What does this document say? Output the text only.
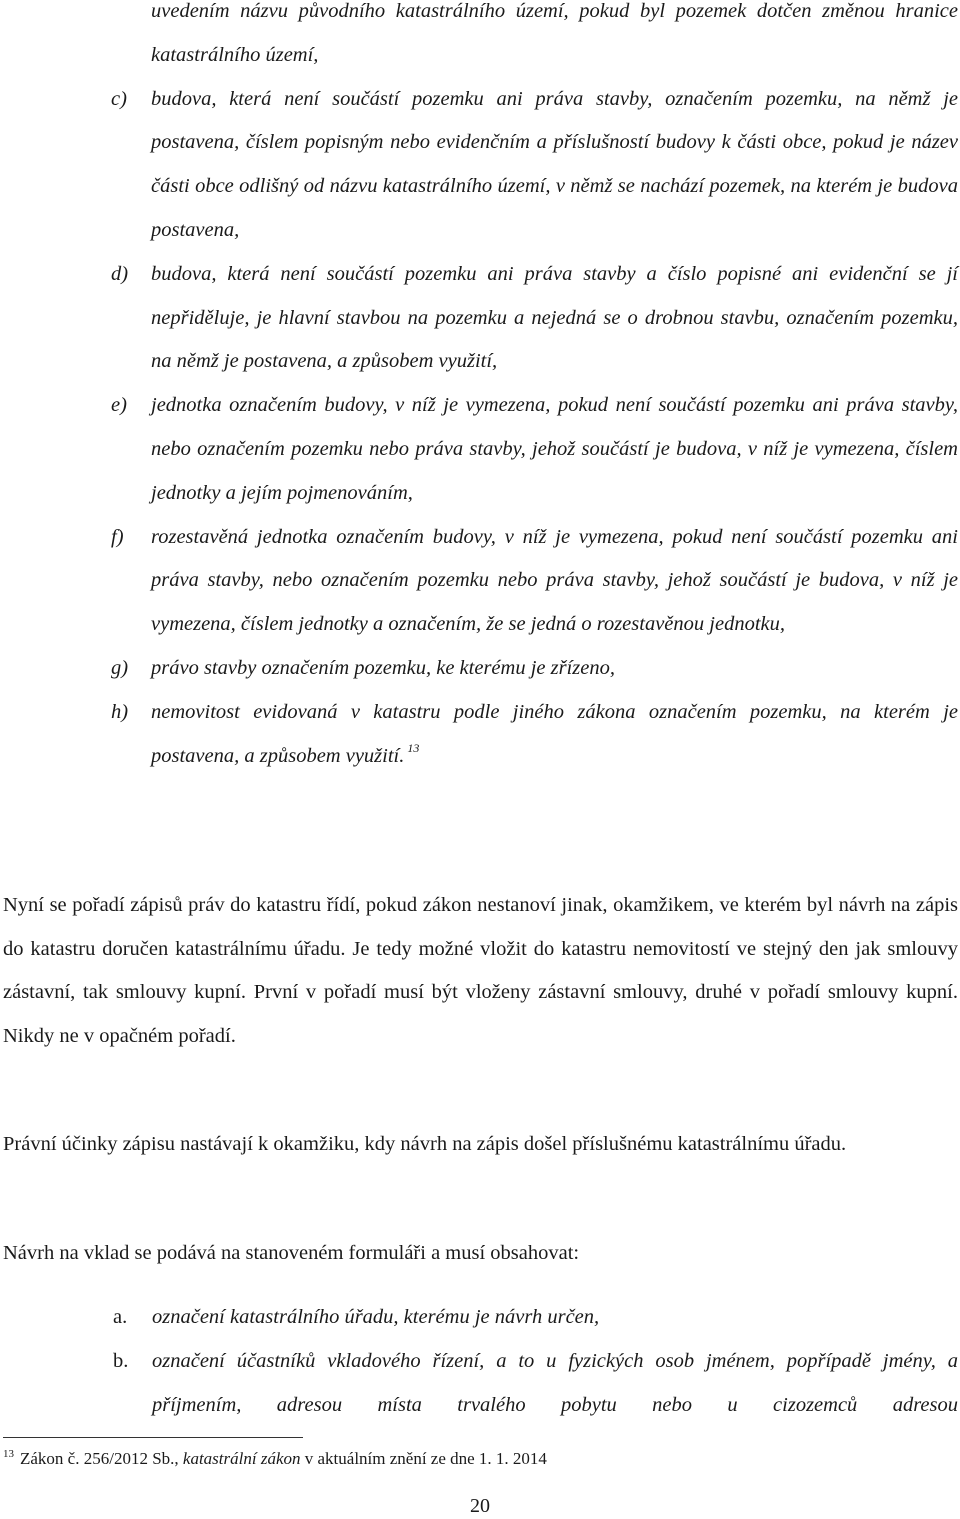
uvedením názvu původního katastrálního území, pokud byl pozemek dotčen změnou hranice katastrálního území,
c) budova, která není součástí pozemku ani práva stavby, označením pozemku, na němž je postavena, číslem popisným nebo evidenčním a příslušností budovy k části obce, pokud je název části obce odlišný od názvu katastrálního území, v němž se nachází pozemek, na kterém je budova postavena,
d) budova, která není součástí pozemku ani práva stavby a číslo popisné ani evidenční se jí nepřiděluje, je hlavní stavbou na pozemku a nejedná se o drobnou stavbu, označením pozemku, na němž je postavena, a způsobem využití,
e) jednotka označením budovy, v níž je vymezena, pokud není součástí pozemku ani práva stavby, nebo označením pozemku nebo práva stavby, jehož součástí je budova, v níž je vymezena, číslem jednotky a jejím pojmenováním,
f) rozestavěná jednotka označením budovy, v níž je vymezena, pokud není součástí pozemku ani práva stavby, nebo označením pozemku nebo práva stavby, jehož součástí je budova, v níž je vymezena, číslem jednotky a označením, že se jedná o rozestavěnou jednotku,
g) právo stavby označením pozemku, ke kterému je zřízeno,
h) nemovitost evidovaná v katastru podle jiného zákona označením pozemku, na kterém je postavena, a způsobem využití. $^{13}$

Nyní se pořadí zápisů práv do katastru řídí, pokud zákon nestanoví jinak, okamžikem, ve kterém byl návrh na zápis do katastru doručen katastrálnímu úřadu. Je tedy možné vložit do katastru nemovitostí ve stejný den jak smlouvy zástavní, tak smlouvy kupní. První v pořadí musí být vloženy zástavní smlouvy, druhé v pořadí smlouvy kupní. Nikdy ne v opačném pořadí.

Právní účinky zápisu nastávají k okamžiku, kdy návrh na zápis došel příslušnému katastrálnímu úřadu.

Návrh na vklad se podává na stanoveném formuláři a musí obsahovat:

a. označení katastrálního úřadu, kterému je návrh určen,
b. označení účastníků vkladového řízení, a to u fyzických osob jménem, popřípadě jmény, a příjmením, adresou místa trvalého pobytu nebo u cizozemců adresou
$^{13}$ Zákon č. 256/2012 Sb., katastrální zákon v aktuálním znění ze dne 1. 1. 2014
20
